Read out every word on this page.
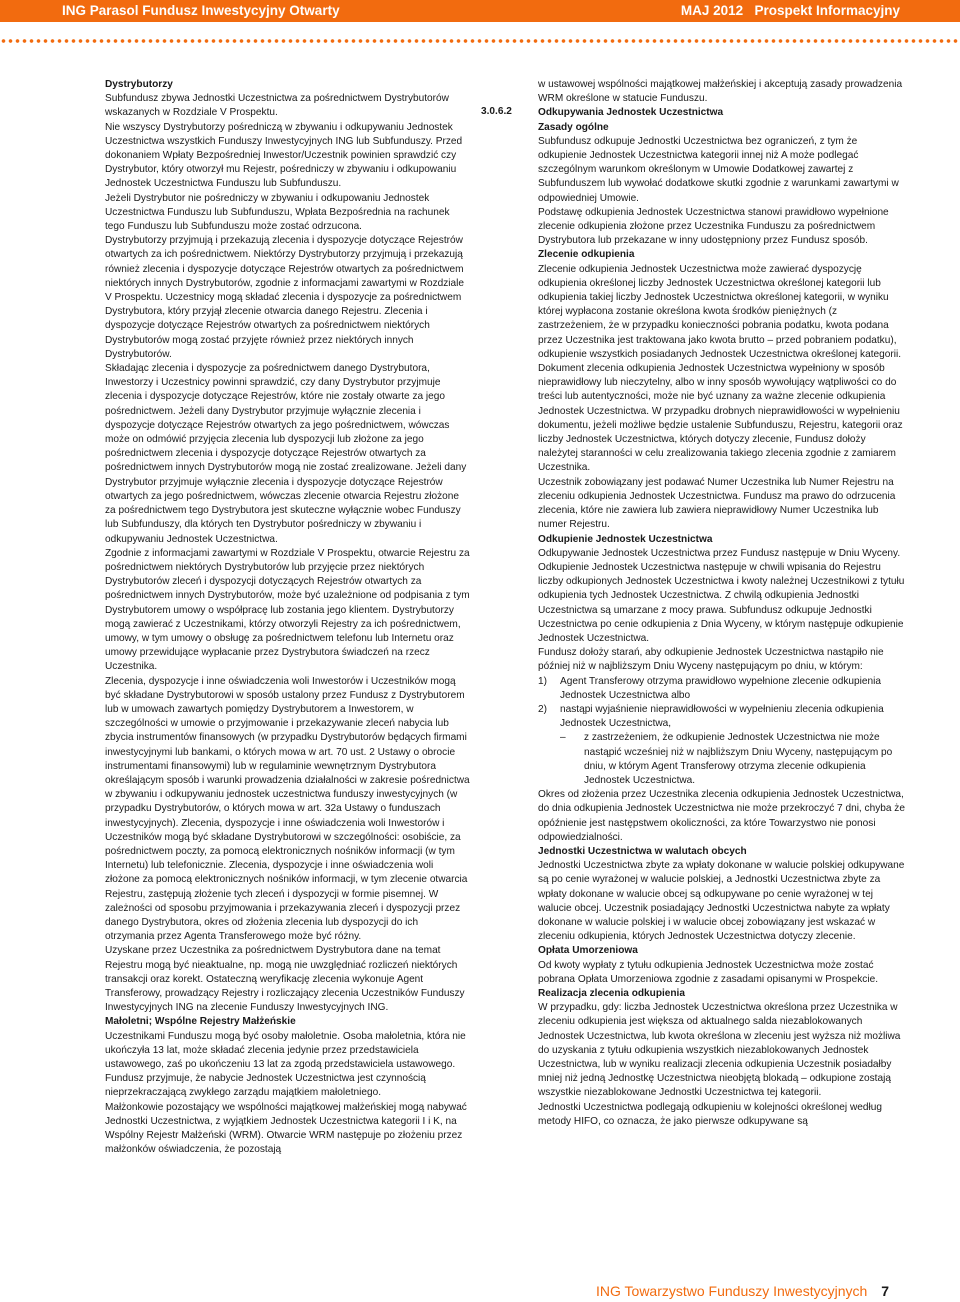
ING Parasol Fundusz Inwestycyjny Otwarty	MAJ 2012 Prospekt Informacyjny

Dystrybutorzy

Subfundusz zbywa Jednostki Uczestnictwa za pośrednictwem Dystrybutorów wskazanych w Rozdziale V Prospektu.

Nie wszyscy Dystrybutorzy pośredniczą w zbywaniu i odkupywaniu Jednostek Uczestnictwa wszystkich Funduszy Inwestycyjnych ING lub Subfunduszy. Przed dokonaniem Wpłaty Bezpośredniej Inwestor/Uczestnik powinien sprawdzić czy Dystrybutor, który otworzył mu Rejestr, pośredniczy w zbywaniu i odkupowaniu Jednostek Uczestnictwa Funduszu lub Subfunduszu.

Jeżeli Dystrybutor nie pośredniczy w zbywaniu i odkupowaniu Jednostek Uczestnictwa Funduszu lub Subfunduszu, Wpłata Bezpośrednia na rachunek tego Funduszu lub Subfunduszu może zostać odrzucona.

Dystrybutorzy przyjmują i przekazują zlecenia i dyspozycje dotyczące Rejestrów otwartych za ich pośrednictwem. Niektórzy Dystrybutorzy przyjmują i przekazują również zlecenia i dyspozycje dotyczące Rejestrów otwartych za pośrednictwem niektórych innych Dystrybutorów, zgodnie z informacjami zawartymi w Rozdziale V Prospektu. Uczestnicy mogą składać zlecenia i dyspozycje za pośrednictwem Dystrybutora, który przyjął zlecenie otwarcia danego Rejestru. Zlecenia i dyspozycje dotyczące Rejestrów otwartych za pośrednictwem niektórych Dystrybutorów mogą zostać przyjęte również przez niektórych innych Dystrybutorów.

Składając zlecenia i dyspozycje za pośrednictwem danego Dystrybutora, Inwestorzy i Uczestnicy powinni sprawdzić, czy dany Dystrybutor przyjmuje zlecenia i dyspozycje dotyczące Rejestrów, które nie zostały otwarte za jego pośrednictwem. Jeżeli dany Dystrybutor przyjmuje wyłącznie zlecenia i dyspozycje dotyczące Rejestrów otwartych za jego pośrednictwem, wówczas może on odmówić przyjęcia zlecenia lub dyspozycji lub złożone za jego pośrednictwem zlecenia i dyspozycje dotyczące Rejestrów otwartych za pośrednictwem innych Dystrybutorów mogą nie zostać zrealizowane. Jeżeli dany Dystrybutor przyjmuje wyłącznie zlecenia i dyspozycje dotyczące Rejestrów otwartych za jego pośrednictwem, wówczas zlecenie otwarcia Rejestru złożone za pośrednictwem tego Dystrybutora jest skuteczne wyłącznie wobec Funduszy lub Subfunduszy, dla których ten Dystrybutor pośredniczy w zbywaniu i odkupywaniu Jednostek Uczestnictwa.

Zgodnie z informacjami zawartymi w Rozdziale V Prospektu, otwarcie Rejestru za pośrednictwem niektórych Dystrybutorów lub przyjęcie przez niektórych Dystrybutorów zleceń i dyspozycji dotyczących Rejestrów otwartych za pośrednictwem innych Dystrybutorów, może być uzależnione od podpisania z tym Dystrybutorem umowy o współpracę lub zostania jego klientem. Dystrybutorzy mogą zawierać z Uczestnikami, którzy otworzyli Rejestry za ich pośrednictwem, umowy, w tym umowy o obsługę za pośrednictwem telefonu lub Internetu oraz umowy przewidujące wypłacanie przez Dystrybutora świadczeń na rzecz Uczestnika.

Zlecenia, dyspozycje i inne oświadczenia woli Inwestorów i Uczestników mogą być składane Dystrybutorowi w sposób ustalony przez Fundusz z Dystrybutorem lub w umowach zawartych pomiędzy Dystrybutorem a Inwestorem, w szczególności w umowie o przyjmowanie i przekazywanie zleceń nabycia lub zbycia instrumentów finansowych (w przypadku Dystrybutorów będących firmami inwestycyjnymi lub bankami, o których mowa w art. 70 ust. 2 Ustawy o obrocie instrumentami finansowymi) lub w regulaminie wewnętrznym Dystrybutora określającym sposób i warunki prowadzenia działalności w zakresie pośrednictwa w zbywaniu i odkupywaniu jednostek uczestnictwa funduszy inwestycyjnych (w przypadku Dystrybutorów, o których mowa w art. 32a Ustawy o funduszach inwestycyjnych). Zlecenia, dyspozycje i inne oświadczenia woli Inwestorów i Uczestników mogą być składane Dystrybutorowi w szczególności: osobiście, za pośrednictwem poczty, za pomocą elektronicznych nośników informacji (w tym Internetu) lub telefonicznie. Zlecenia, dyspozycje i inne oświadczenia woli złożone za pomocą elektronicznych nośników informacji, w tym zlecenie otwarcia Rejestru, zastępują złożenie tych zleceń i dyspozycji w formie pisemnej. W zależności od sposobu przyjmowania i przekazywania zleceń i dyspozycji przez danego Dystrybutora, okres od złożenia zlecenia lub dyspozycji do ich otrzymania przez Agenta Transferowego może być różny.

Uzyskane przez Uczestnika za pośrednictwem Dystrybutora dane na temat Rejestru mogą być nieaktualne, np. mogą nie uwzględniać rozliczeń niektórych transakcji oraz korekt. Ostateczną weryfikację zlecenia wykonuje Agent Transferowy, prowadzący Rejestry i rozliczający zlecenia Uczestników Funduszy Inwestycyjnych ING na zlecenie Funduszy Inwestycyjnych ING.

Małoletni; Wspólne Rejestry Małżeńskie

Uczestnikami Funduszu mogą być osoby małoletnie. Osoba małoletnia, która nie ukończyła 13 lat, może składać zlecenia jedynie przez przedstawiciela ustawowego, zaś po ukończeniu 13 lat za zgodą przedstawiciela ustawowego. Fundusz przyjmuje, że nabycie Jednostek Uczestnictwa jest czynnością nieprzekraczającą zwykłego zarządu majątkiem małoletniego.

Małżonkowie pozostający we wspólności majątkowej małżeńskiej mogą nabywać Jednostki Uczestnictwa, z wyjątkiem Jednostek Uczestnictwa kategorii I i K, na Wspólny Rejestr Małżeński (WRM). Otwarcie WRM następuje po złożeniu przez małżonków oświadczenia, że pozostają

3.0.6.2

w ustawowej wspólności majątkowej małżeńskiej i akceptują zasady prowadzenia WRM określone w statucie Funduszu.

Odkupywania Jednostek Uczestnictwa

Zasady ogólne

Subfundusz odkupuje Jednostki Uczestnictwa bez ograniczeń, z tym że odkupienie Jednostek Uczestnictwa kategorii innej niż A może podlegać szczególnym warunkom określonym w Umowie Dodatkowej zawartej z Subfunduszem lub wywołać dodatkowe skutki zgodnie z warunkami zawartymi w odpowiedniej Umowie.

Podstawę odkupienia Jednostek Uczestnictwa stanowi prawidłowo wypełnione zlecenie odkupienia złożone przez Uczestnika Funduszu za pośrednictwem Dystrybutora lub przekazane w inny udostępniony przez Fundusz sposób.

Zlecenie odkupienia

Zlecenie odkupienia Jednostek Uczestnictwa może zawierać dyspozycję odkupienia określonej liczby Jednostek Uczestnictwa określonej kategorii lub odkupienia takiej liczby Jednostek Uczestnictwa określonej kategorii, w wyniku której wypłacona zostanie określona kwota środków pieniężnych (z zastrzeżeniem, że w przypadku konieczności pobrania podatku, kwota podana przez Uczestnika jest traktowana jako kwota brutto – przed pobraniem podatku), odkupienie wszystkich posiadanych Jednostek Uczestnictwa określonej kategorii.

Dokument zlecenia odkupienia Jednostek Uczestnictwa wypełniony w sposób nieprawidłowy lub nieczytelny, albo w inny sposób wywołujący wątpliwości co do treści lub autentyczności, może nie być uznany za ważne zlecenie odkupienia Jednostek Uczestnictwa. W przypadku drobnych nieprawidłowości w wypełnieniu dokumentu, jeżeli możliwe będzie ustalenie Subfunduszu, Rejestru, kategorii oraz liczby Jednostek Uczestnictwa, których dotyczy zlecenie, Fundusz dołoży należytej staranności w celu zrealizowania takiego zlecenia zgodnie z zamiarem Uczestnika.

Uczestnik zobowiązany jest podawać Numer Uczestnika lub Numer Rejestru na zleceniu odkupienia Jednostek Uczestnictwa. Fundusz ma prawo do odrzucenia zlecenia, które nie zawiera lub zawiera nieprawidłowy Numer Uczestnika lub numer Rejestru.

Odkupienie Jednostek Uczestnictwa

Odkupywanie Jednostek Uczestnictwa przez Fundusz następuje w Dniu Wyceny. Odkupienie Jednostek Uczestnictwa następuje w chwili wpisania do Rejestru liczby odkupionych Jednostek Uczestnictwa i kwoty należnej Uczestnikowi z tytułu odkupienia tych Jednostek Uczestnictwa. Z chwilą odkupienia Jednostki Uczestnictwa są umarzane z mocy prawa. Subfundusz odkupuje Jednostki Uczestnictwa po cenie odkupienia z Dnia Wyceny, w którym następuje odkupienie Jednostek Uczestnictwa.

Fundusz dołoży starań, aby odkupienie Jednostek Uczestnictwa nastąpiło nie później niż w najbliższym Dniu Wyceny następującym po dniu, w którym:

1)	Agent Transferowy otrzyma prawidłowo wypełnione zlecenie odkupienia Jednostek Uczestnictwa albo
2)	nastąpi wyjaśnienie nieprawidłowości w wypełnieniu zlecenia odkupienia Jednostek Uczestnictwa,
–	z zastrzeżeniem, że odkupienie Jednostek Uczestnictwa nie może nastąpić wcześniej niż w najbliższym Dniu Wyceny, następującym po dniu, w którym Agent Transferowy otrzyma zlecenie odkupienia Jednostek Uczestnictwa.

Okres od złożenia przez Uczestnika zlecenia odkupienia Jednostek Uczestnictwa, do dnia odkupienia Jednostek Uczestnictwa nie może przekroczyć 7 dni, chyba że opóźnienie jest następstwem okoliczności, za które Towarzystwo nie ponosi odpowiedzialności.

Jednostki Uczestnictwa w walutach obcych

Jednostki Uczestnictwa zbyte za wpłaty dokonane w walucie polskiej odkupywane są po cenie wyrażonej w walucie polskiej, a Jednostki Uczestnictwa zbyte za wpłaty dokonane w walucie obcej są odkupywane po cenie wyrażonej w tej walucie obcej. Uczestnik posiadający Jednostki Uczestnictwa nabyte za wpłaty dokonane w walucie polskiej i w walucie obcej zobowiązany jest wskazać w zleceniu odkupienia, których Jednostek Uczestnictwa dotyczy zlecenie.

Opłata Umorzeniowa

Od kwoty wypłaty z tytułu odkupienia Jednostek Uczestnictwa może zostać pobrana Opłata Umorzeniowa zgodnie z zasadami opisanymi w Prospekcie.

Realizacja zlecenia odkupienia

W przypadku, gdy: liczba Jednostek Uczestnictwa określona przez Uczestnika w zleceniu odkupienia jest większa od aktualnego salda niezablokowanych Jednostek Uczestnictwa, lub kwota określona w zleceniu jest wyższa niż możliwa do uzyskania z tytułu odkupienia wszystkich niezablokowanych Jednostek Uczestnictwa, lub w wyniku realizacji zlecenia odkupienia Uczestnik posiadałby mniej niż jedną Jednostkę Uczestnictwa nieobjętą blokadą – odkupione zostają wszystkie niezablokowane Jednostki Uczestnictwa tej kategorii.

Jednostki Uczestnictwa podlegają odkupieniu w kolejności określonej według metody HIFO, co oznacza, że jako pierwsze odkupywane są

ING Towarzystwo Funduszy Inwestycyjnych 7
